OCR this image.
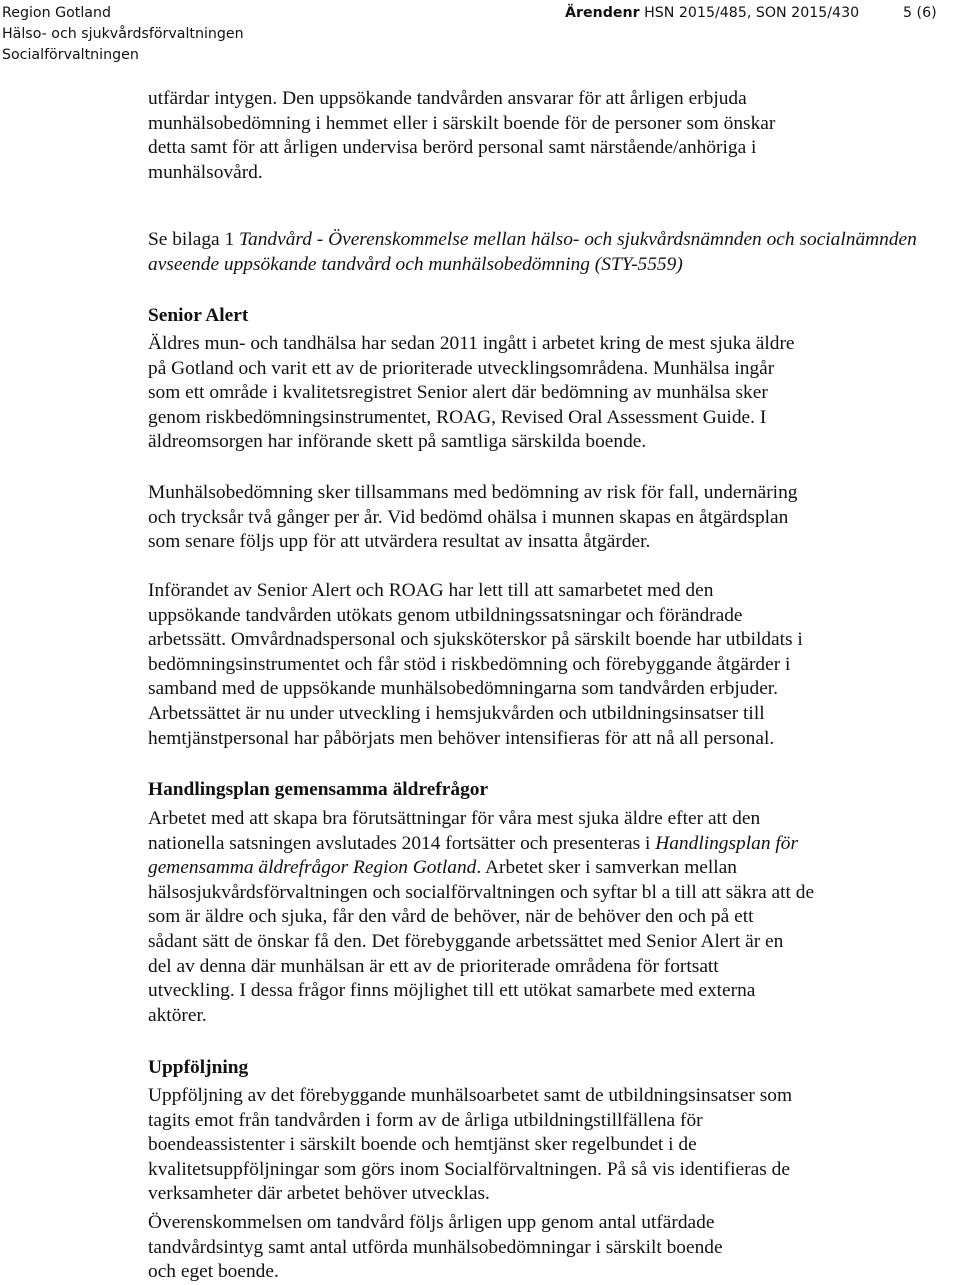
Region Gotland
Hälso- och sjukvårdsförvaltningen
Socialförvaltningen
Ärendenr HSN 2015/485, SON 2015/430	5 (6)
utfärdar intygen. Den uppsökande tandvården ansvarar för att årligen erbjuda
munhälsobedömning i hemmet eller i särskilt boende för de personer som önskar
detta samt för att årligen undervisa berörd personal samt närstående/anhöriga i
munhälsovård.
Se bilaga 1 Tandvård - Överenskommelse mellan hälso- och sjukvårdsnämnden och socialnämnden
avseende uppsökande tandvård och munhälsobedömning (STY-5559)
Senior Alert
Äldres mun- och tandhälsa har sedan 2011 ingått i arbetet kring de mest sjuka äldre
på Gotland och varit ett av de prioriterade utvecklingsområdena. Munhälsa ingår
som ett område i kvalitetsregistret Senior alert där bedömning av munhälsa sker
genom riskbedömningsinstrumentet, ROAG, Revised Oral Assessment Guide. I
äldreomsorgen har införande skett på samtliga särskilda boende.
Munhälsobedömning sker tillsammans med bedömning av risk för fall, undernäring
och trycksår två gånger per år. Vid bedömd ohälsa i munnen skapas en åtgärdsplan
som senare följs upp för att utvärdera resultat av insatta åtgärder.
Införandet av Senior Alert och ROAG har lett till att samarbetet med den
uppsökande tandvården utökats genom utbildningssatsningar och förändrade
arbetssätt. Omvårdnadspersonal och sjuksköterskor på särskilt boende har utbildats i
bedömningsinstrumentet och får stöd i riskbedömning och förebyggande åtgärder i
samband med de uppsökande munhälsobedömningarna som tandvården erbjuder.
Arbetssättet är nu under utveckling i hemsjukvården och utbildningsinsatser till
hemtjänstpersonal har påbörjats men behöver intensifieras för att nå all personal.
Handlingsplan gemensamma äldrefrågor
Arbetet med att skapa bra förutsättningar för våra mest sjuka äldre efter att den
nationella satsningen avslutades 2014 fortsätter och presenteras i Handlingsplan för
gemensamma äldrefrågor Region Gotland. Arbetet sker i samverkan mellan
hälsosjukvårdsförvaltningen och socialförvaltningen och syftar bl a till att säkra att de
som är äldre och sjuka, får den vård de behöver, när de behöver den och på ett
sådant sätt de önskar få den. Det förebyggande arbetssättet med Senior Alert är en
del av denna där munhälsan är ett av de prioriterade områdena för fortsatt
utveckling. I dessa frågor finns möjlighet till ett utökat samarbete med externa
aktörer.
Uppföljning
Uppföljning av det förebyggande munhälsoarbetet samt de utbildningsinsatser som
tagits emot från tandvården i form av de årliga utbildningstillfällena för
boendeassistenter i särskilt boende och hemtjänst sker regelbundet i de
kvalitetsuppföljningar som görs inom Socialförvaltningen. På så vis identifieras de
verksamheter där arbetet behöver utvecklas.
Överenskommelsen om tandvård följs årligen upp genom antal utfärdade
tandvårdsintyg samt antal utförda munhälsobedömningar i särskilt boende
och eget boende.
